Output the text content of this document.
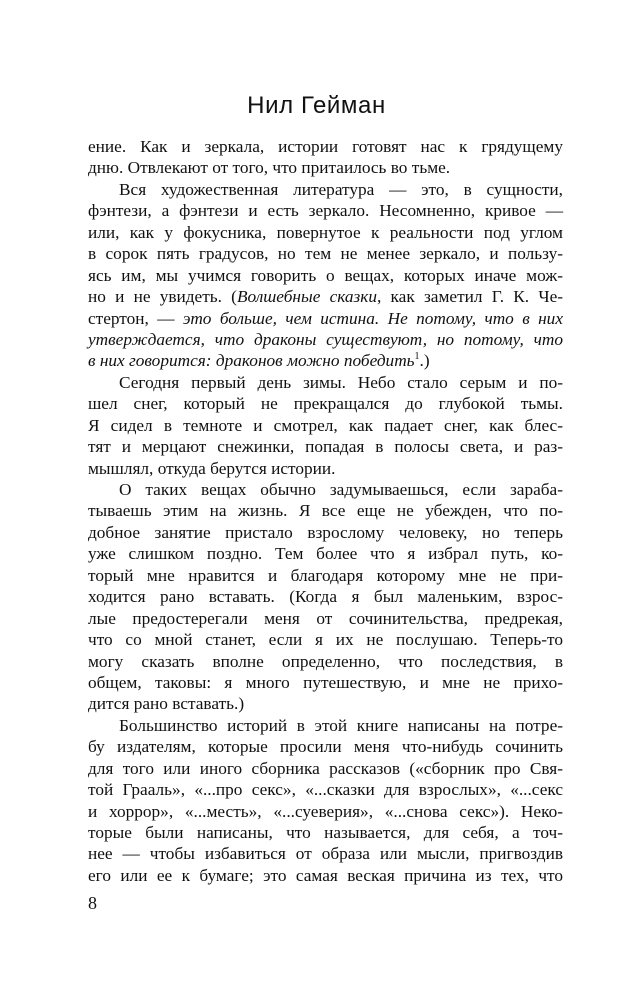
Нил Гейман
ение. Как и зеркала, истории готовят нас к грядущему
дню. Отвлекают от того, что притаилось во тьме.
Вся художественная литература — это, в сущности,
фэнтези, а фэнтези и есть зеркало. Несомненно, кривое —
или, как у фокусника, повернутое к реальности под углом
в сорок пять градусов, но тем не менее зеркало, и пользу-
ясь им, мы учимся говорить о вещах, которых иначе мож-
но и не увидеть. (Волшебные сказки, как заметил Г. К. Че-
стертон, — это больше, чем истина. Не потому, что в них
утверждается, что драконы существуют, но потому, что
в них говорится: драконов можно победить$^1$.)
Сегодня первый день зимы. Небо стало серым и по-
шел снег, который не прекращался до глубокой тьмы.
Я сидел в темноте и смотрел, как падает снег, как блес-
тят и мерцают снежинки, попадая в полосы света, и раз-
мышлял, откуда берутся истории.
О таких вещах обычно задумываешься, если зараба-
тываешь этим на жизнь. Я все еще не убежден, что по-
добное занятие пристало взрослому человеку, но теперь
уже слишком поздно. Тем более что я избрал путь, ко-
торый мне нравится и благодаря которому мне не при-
ходится рано вставать. (Когда я был маленьким, взрос-
лые предостерегали меня от сочинительства, предрекая,
что со мной станет, если я их не послушаю. Теперь-то
могу сказать вполне определенно, что последствия, в
общем, таковы: я много путешествую, и мне не прихо-
дится рано вставать.)
Большинство историй в этой книге написаны на потре-
бу издателям, которые просили меня что-нибудь сочинить
для того или иного сборника рассказов («сборник про Свя-
той Грааль», «...про секс», «...сказки для взрослых», «...секс
и хоррор», «...месть», «...суеверия», «...снова секс»). Неко-
торые были написаны, что называется, для себя, а точ-
нее — чтобы избавиться от образа или мысли, пригвоздив
его или ее к бумаге; это самая веская причина из тех, что
8
